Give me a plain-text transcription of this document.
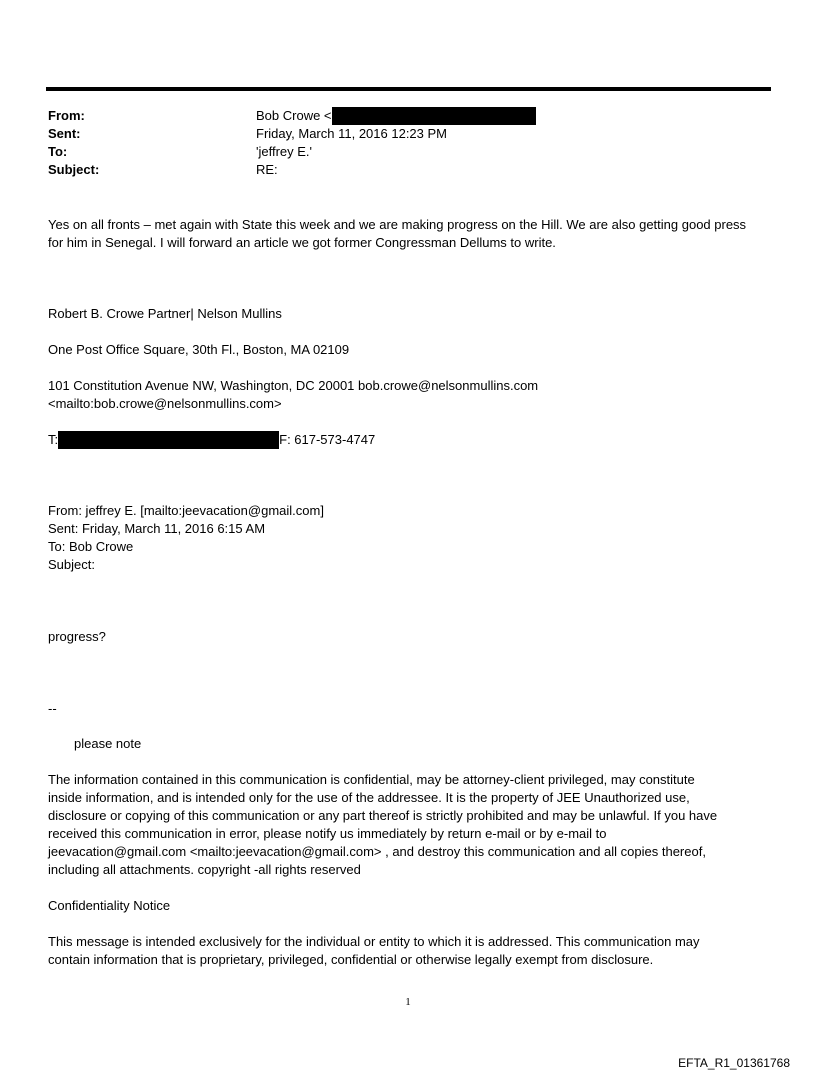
From:	Bob Crowe <
Sent:	Friday, March 11, 2016 12:23 PM
To:	'jeffrey E.'
Subject:	RE:
Yes on all fronts – met again with State this week and we are making progress on the Hill. We are also getting good press
for him in Senegal. I will forward an article we got former Congressman Dellums to write.
Robert B. Crowe Partner| Nelson Mullins
One Post Office Square, 30th Fl., Boston, MA 02109
101 Constitution Avenue NW, Washington, DC 20001 bob.crowe@nelsonmullins.com
<mailto:bob.crowe@nelsonmullins.com>
T:	F: 617-573-4747
From: jeffrey E. [mailto:jeevacation@gmail.com]
Sent: Friday, March 11, 2016 6:15 AM
To: Bob Crowe
Subject:
progress?
--
please note
The information contained in this communication is confidential, may be attorney-client privileged, may constitute
inside information, and is intended only for the use of the addressee. It is the property of JEE Unauthorized use,
disclosure or copying of this communication or any part thereof is strictly prohibited and may be unlawful. If you have
received this communication in error, please notify us immediately by return e-mail or by e-mail to
jeevacation@gmail.com <mailto:jeevacation@gmail.com> , and destroy this communication and all copies thereof,
including all attachments. copyright -all rights reserved
Confidentiality Notice
This message is intended exclusively for the individual or entity to which it is addressed. This communication may
contain information that is proprietary, privileged, confidential or otherwise legally exempt from disclosure.
1
EFTA_R1_01361768
